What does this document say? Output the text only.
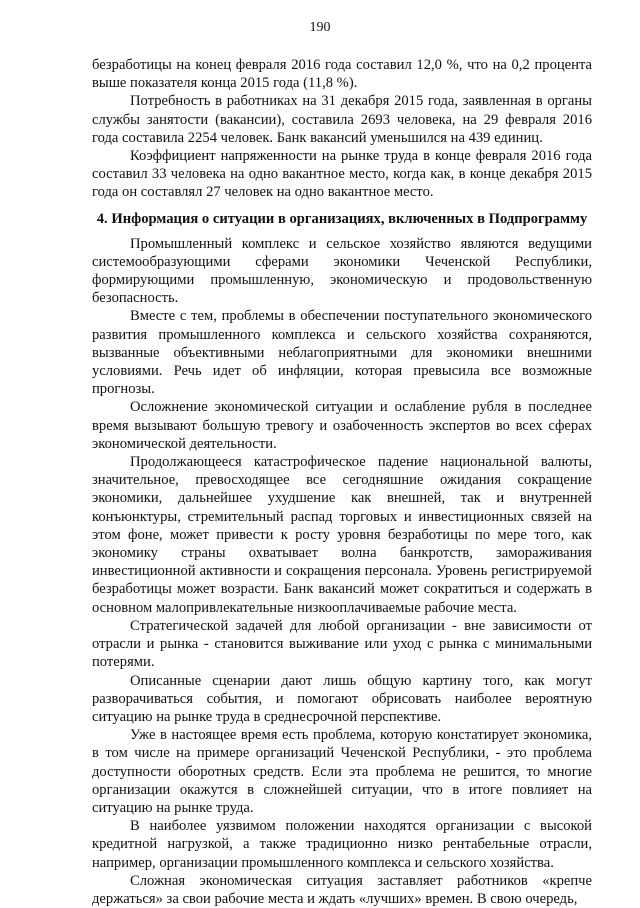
190

безработицы на конец февраля 2016 года составил 12,0 %, что на 0,2 процента выше показателя конца 2015 года (11,8 %).

Потребность в работниках на 31 декабря 2015 года, заявленная в органы службы занятости (вакансии), составила 2693 человека, на 29 февраля 2016 года составила 2254 человек. Банк вакансий уменьшился на 439 единиц.

Коэффициент напряженности на рынке труда в конце февраля 2016 года составил 33 человека на одно вакантное место, когда как, в конце декабря 2015 года он составлял 27 человек на одно вакантное место.

4. Информация о ситуации в организациях, включенных в Подпрограмму

Промышленный комплекс и сельское хозяйство являются ведущими системообразующими сферами экономики Чеченской Республики, формирующими промышленную, экономическую и продовольственную безопасность.

Вместе с тем, проблемы в обеспечении поступательного экономического развития промышленного комплекса и сельского хозяйства сохраняются, вызванные объективными неблагоприятными для экономики внешними условиями. Речь идет об инфляции, которая превысила все возможные прогнозы.

Осложнение экономической ситуации и ослабление рубля в последнее время вызывают большую тревогу и озабоченность экспертов во всех сферах экономической деятельности.

Продолжающееся катастрофическое падение национальной валюты, значительное, превосходящее все сегодняшние ожидания сокращение экономики, дальнейшее ухудшение как внешней, так и внутренней конъюнктуры, стремительный распад торговых и инвестиционных связей на этом фоне, может привести к росту уровня безработицы по мере того, как экономику страны охватывает волна банкротств, замораживания инвестиционной активности и сокращения персонала. Уровень регистрируемой безработицы может возрасти. Банк вакансий может сократиться и содержать в основном малопривлекательные низкооплачиваемые рабочие места.

Стратегической задачей для любой организации - вне зависимости от отрасли и рынка - становится выживание или уход с рынка с минимальными потерями.

Описанные сценарии дают лишь общую картину того, как могут разворачиваться события, и помогают обрисовать наиболее вероятную ситуацию на рынке труда в среднесрочной перспективе.

Уже в настоящее время есть проблема, которую констатирует экономика, в том числе на примере организаций Чеченской Республики, - это проблема доступности оборотных средств. Если эта проблема не решится, то многие организации окажутся в сложнейшей ситуации, что в итоге повлияет на ситуацию на рынке труда.

В наиболее уязвимом положении находятся организации с высокой кредитной нагрузкой, а также традиционно низко рентабельные отрасли, например, организации промышленного комплекса и сельского хозяйства.

Сложная экономическая ситуация заставляет работников «крепче держаться» за свои рабочие места и ждать «лучших» времен. В свою очередь,
